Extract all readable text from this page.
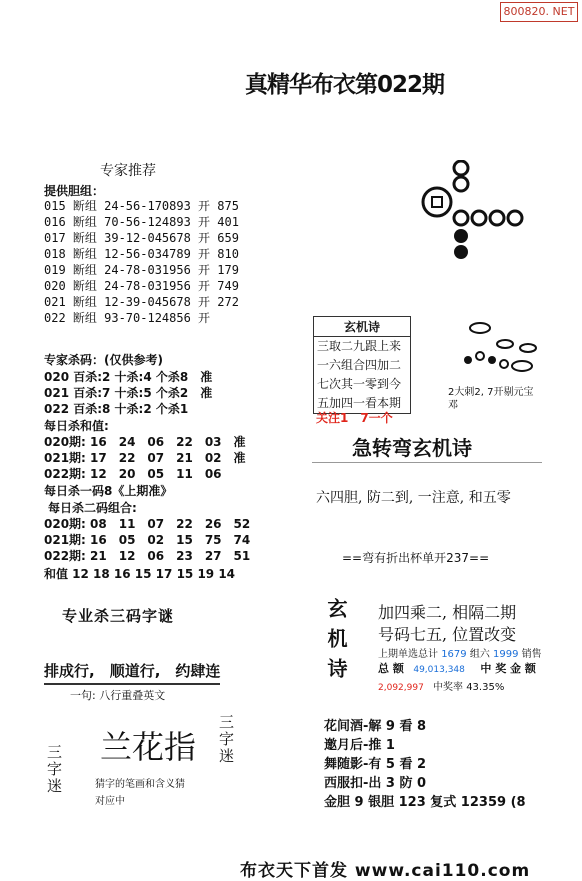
800820. NET
真精华布衣第022期
专家推荐
提供胆组：
015 断组 24-56-170893 开 875
016 断组 70-56-124893 开 401
017 断组 39-12-045678 开 659
018 断组 12-56-034789 开 810
019 断组 24-78-031956 开 179
020 断组 24-78-031956 开 749
021 断组 12-39-045678 开 272
022 断组 93-70-124856 开
专家杀码：(仅供参考)
020 百杀:2 十杀:4 个杀8　准
021 百杀:7 十杀:5 个杀2　准
022 百杀:8 十杀:2 个杀1
每日杀和值:
020期: 16　24　06　22　03　准
021期: 17　22　07　21　02　准
022期: 12　20　05　11　06
每日杀一码8《上期准》
每日杀二码组合:
020期: 08　11　07　22　26　52
021期: 16　05　02　15　75　74
022期: 21　12　06　23　27　51
和值 12 18 16 15 17 15 19 14
专业杀三码字谜
排成行,　顺道行,　约肆连
一句: 八行重叠英文
三字迷 兰花指 三字迷
猜字的笔画和含义猜
对应中
玄机诗
三取二九跟上来
一六组合四加二
七次其一零到今
五加四一看本期
关注1　7一个
2大刺2, 7开剔元宝邓
急转弯玄机诗
六四胆, 防二到, 一注意, 和五零
==弯有折出杯单开237==
玄机诗 加四乘二, 相隔二期
号码七五, 位置改变
上期单选总计 1679 组六 1999 销售
总 额 49,013,348 中 奖 金 额
2,092,997 中奖率 43.35%
花间酒-解 9 看 8
邀月后-推 1
舞随影-有 5 看 2
西服扣-出 3 防 0
金胆 9 银胆 123 复式 12359 (8
布衣天下首发 www.cai110.com
